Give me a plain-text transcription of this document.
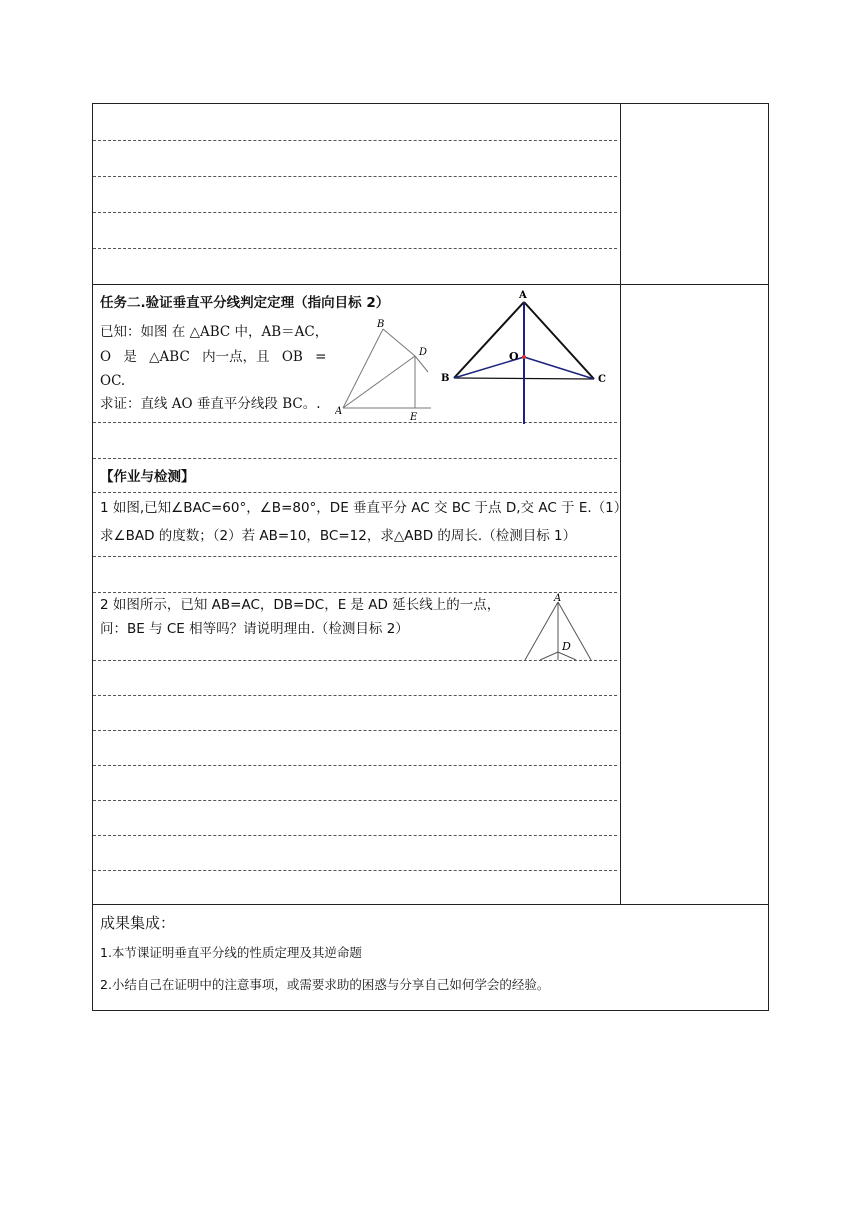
任务二.验证垂直平分线判定定理（指向目标 2）
已知：如图 在 △ABC 中，AB＝AC，
O 是 △ABC 内一点，且 OB =
OC.
求证：直线 AO 垂直平分线段 BC。.
B
D
A
E
A
O
B	C
【作业与检测】
1 如图,已知∠BAC=60°，∠B=80°，DE 垂直平分 AC 交 BC 于点 D,交 AC 于 E.（1）
求∠BAD 的度数；（2）若 AB=10，BC=12，求△ABD 的周长.（检测目标 1）
2 如图所示，已知 AB=AC，DB=DC，E 是 AD 延长线上的一点，
问：BE 与 CE 相等吗？请说明理由.（检测目标 2）
A
D
成果集成：
1.本节课证明垂直平分线的性质定理及其逆命题
2.小结自己在证明中的注意事项，或需要求助的困惑与分享自己如何学会的经验。
